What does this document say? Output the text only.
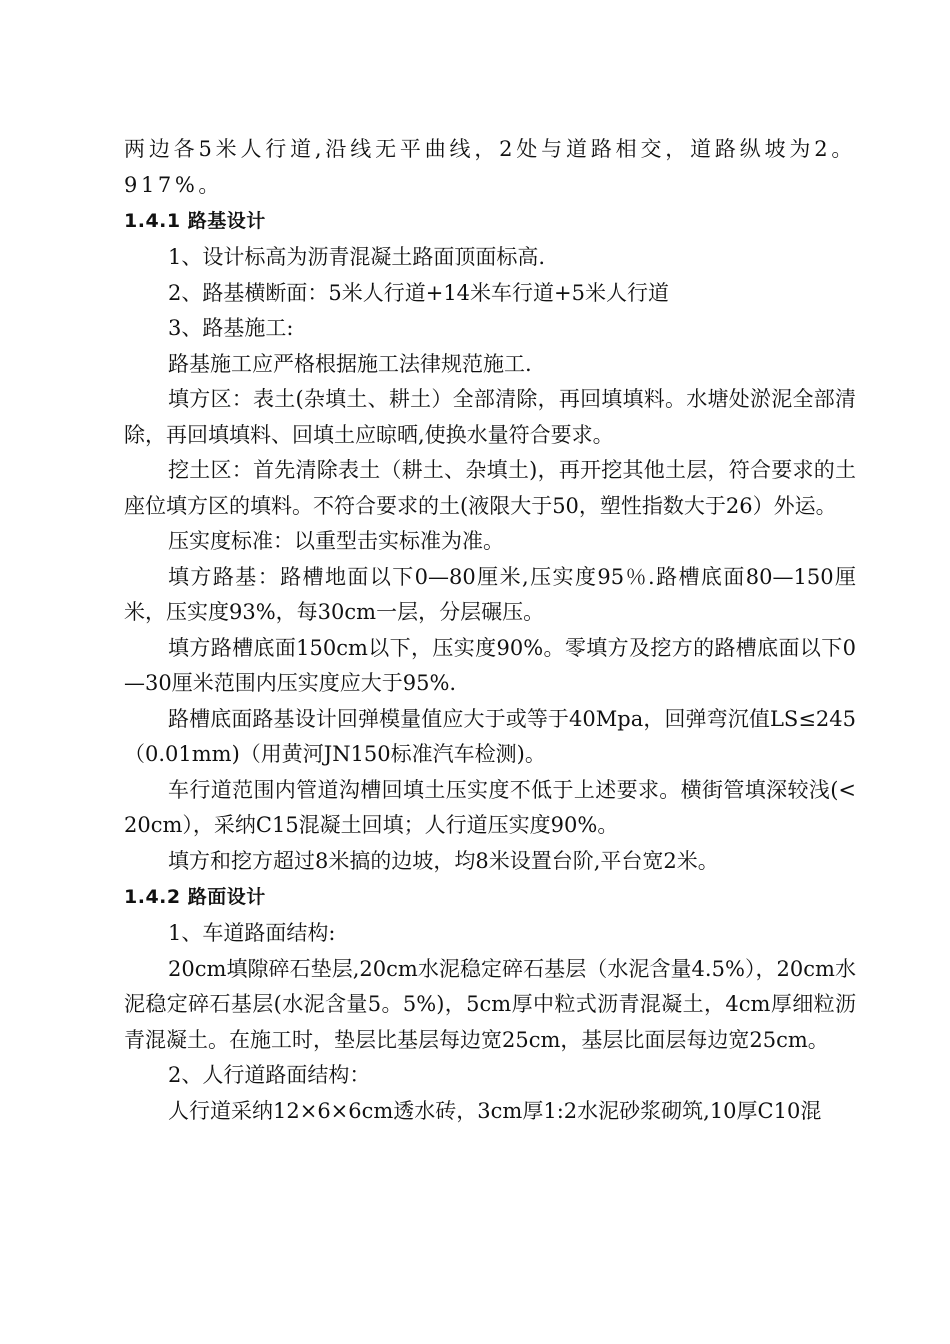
两边各5米人行道,沿线无平曲线，2处与道路相交，道路纵坡为2。917%。

1.4.1 路基设计

1、设计标高为沥青混凝土路面顶面标高.

2、路基横断面：5米人行道+14米车行道+5米人行道

3、路基施工:

路基施工应严格根据施工法律规范施工.

填方区：表土(杂填土、耕土）全部清除，再回填填料。水塘处淤泥全部清除，再回填填料、回填土应晾晒,使换水量符合要求。

挖土区：首先清除表土（耕土、杂填土)，再开挖其他土层，符合要求的土座位填方区的填料。不符合要求的土(液限大于50，塑性指数大于26）外运。

压实度标准：以重型击实标准为准。

填方路基：路槽地面以下0—80厘米,压实度95％.路槽底面80—150厘米，压实度93%，每30cm一层，分层碾压。

填方路槽底面150cm以下，压实度90%。零填方及挖方的路槽底面以下0—30厘米范围内压实度应大于95%.

路槽底面路基设计回弹模量值应大于或等于40Mpa，回弹弯沉值LS≤245（0.01mm)（用黄河JN150标准汽车检测)。

车行道范围内管道沟槽回填土压实度不低于上述要求。横街管填深较浅(<20cm），采纳C15混凝土回填；人行道压实度90%。

填方和挖方超过8米搞的边坡，均8米设置台阶,平台宽2米。

1.4.2 路面设计

1、车道路面结构:

20cm填隙碎石垫层,20cm水泥稳定碎石基层（水泥含量4.5%），20cm水泥稳定碎石基层(水泥含量5。5%)，5cm厚中粒式沥青混凝土，4cm厚细粒沥青混凝土。在施工时，垫层比基层每边宽25cm，基层比面层每边宽25cm。

2、人行道路面结构：

人行道采纳12×6×6cm透水砖，3cm厚1:2水泥砂浆砌筑,10厚C10混
